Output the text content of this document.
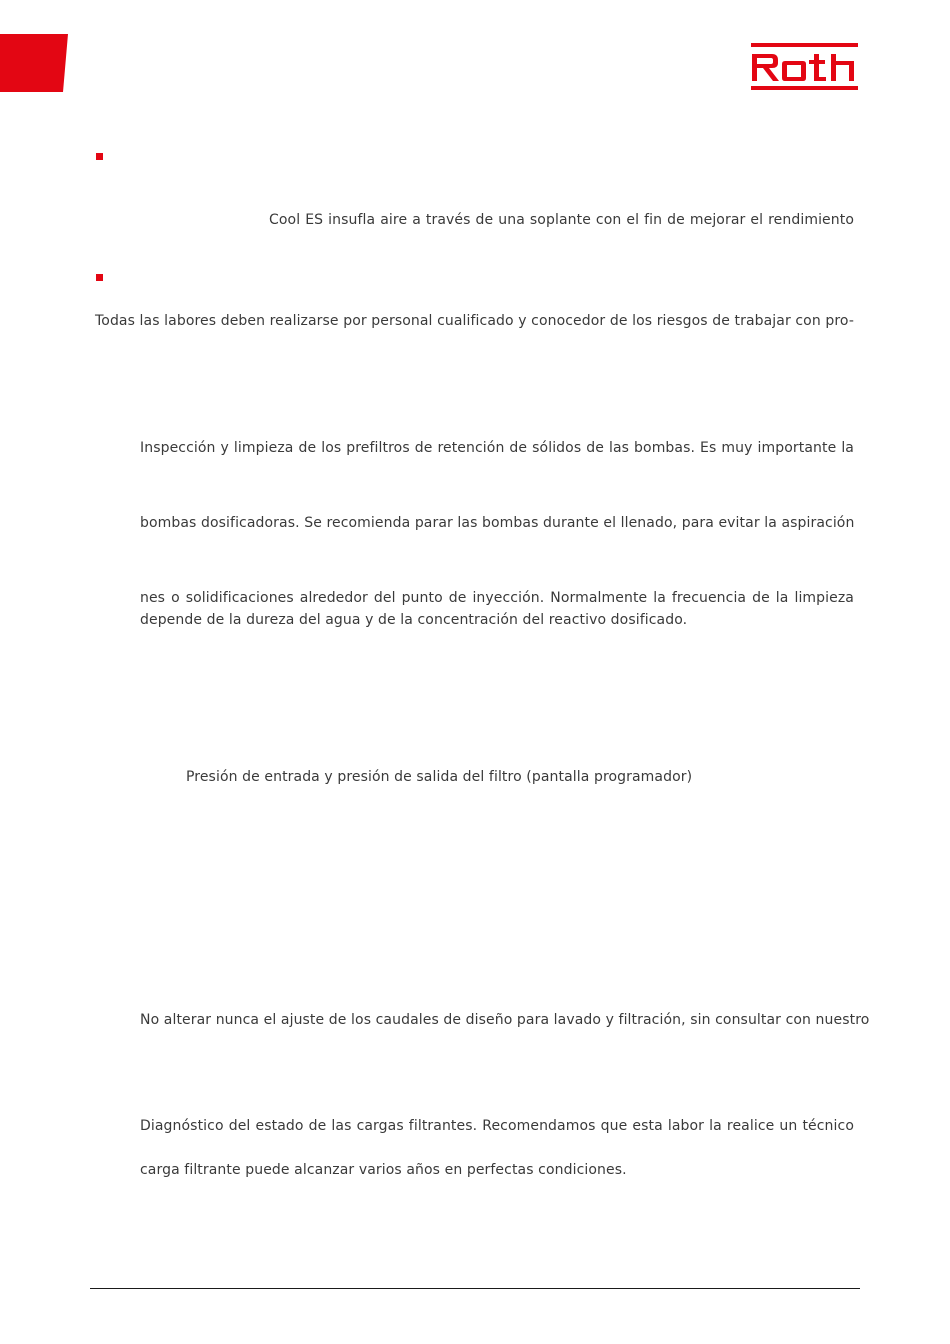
Cool ES insufla aire a través de una soplante con el fin de mejorar el rendimiento
Todas las labores deben realizarse por personal cualificado y conocedor de los riesgos de trabajar con pro-
Inspección y limpieza de los prefiltros de retención de sólidos de las bombas. Es muy importante la
bombas dosificadoras. Se recomienda parar las bombas durante el llenado, para evitar la aspiración
nes o solidificaciones alrededor del punto de inyección. Normalmente la frecuencia de la limpieza
depende de la dureza del agua y de la concentración del reactivo dosificado.
Presión de entrada y presión de salida del filtro (pantalla programador)
No alterar nunca el ajuste de los caudales de diseño para lavado y filtración, sin consultar con nuestro
Diagnóstico del estado de las cargas filtrantes. Recomendamos que esta labor la realice un técnico
carga filtrante puede alcanzar varios años en perfectas condiciones.
